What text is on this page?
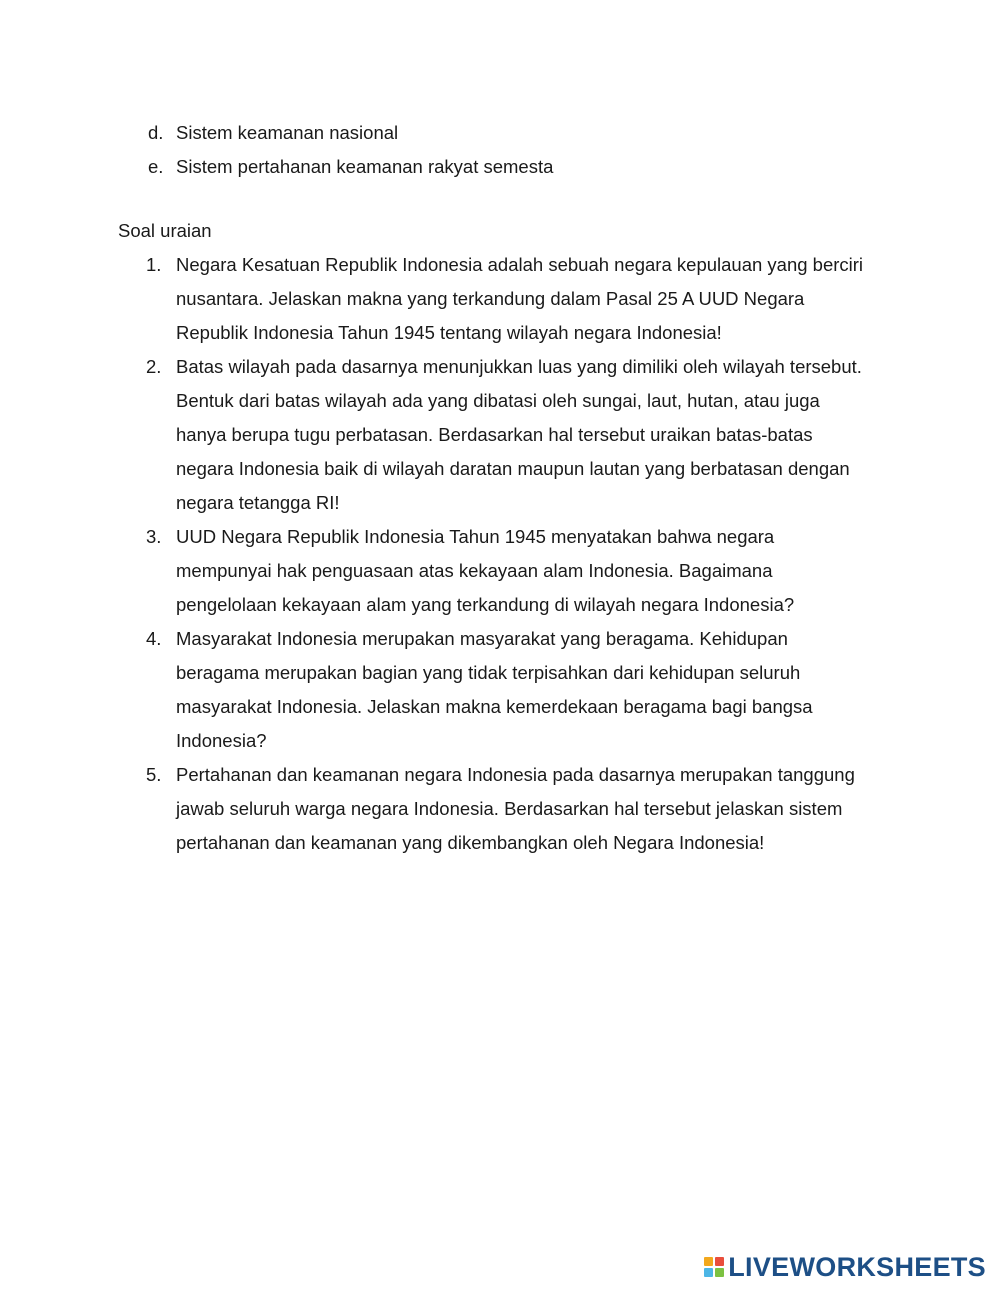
d. Sistem keamanan nasional
e. Sistem pertahanan keamanan rakyat semesta
Soal uraian
1. Negara Kesatuan Republik Indonesia adalah sebuah negara kepulauan yang berciri nusantara. Jelaskan makna yang terkandung dalam Pasal 25 A UUD Negara Republik Indonesia Tahun 1945 tentang wilayah negara Indonesia!
2. Batas wilayah pada dasarnya menunjukkan luas yang dimiliki oleh wilayah tersebut. Bentuk dari batas wilayah ada yang dibatasi oleh sungai, laut, hutan, atau juga hanya berupa tugu perbatasan. Berdasarkan hal tersebut uraikan batas-batas negara Indonesia baik di wilayah daratan maupun lautan yang berbatasan dengan negara tetangga RI!
3. UUD Negara Republik Indonesia Tahun 1945 menyatakan bahwa negara mempunyai hak penguasaan atas kekayaan alam Indonesia. Bagaimana pengelolaan kekayaan alam yang terkandung di wilayah negara Indonesia?
4. Masyarakat Indonesia merupakan masyarakat yang beragama. Kehidupan beragama merupakan bagian yang tidak terpisahkan dari kehidupan seluruh masyarakat Indonesia. Jelaskan makna kemerdekaan beragama bagi bangsa Indonesia?
5. Pertahanan dan keamanan negara Indonesia pada dasarnya merupakan tanggung jawab seluruh warga negara Indonesia. Berdasarkan hal tersebut jelaskan sistem pertahanan dan keamanan yang dikembangkan oleh Negara Indonesia!
LIVEWORKSHEETS
